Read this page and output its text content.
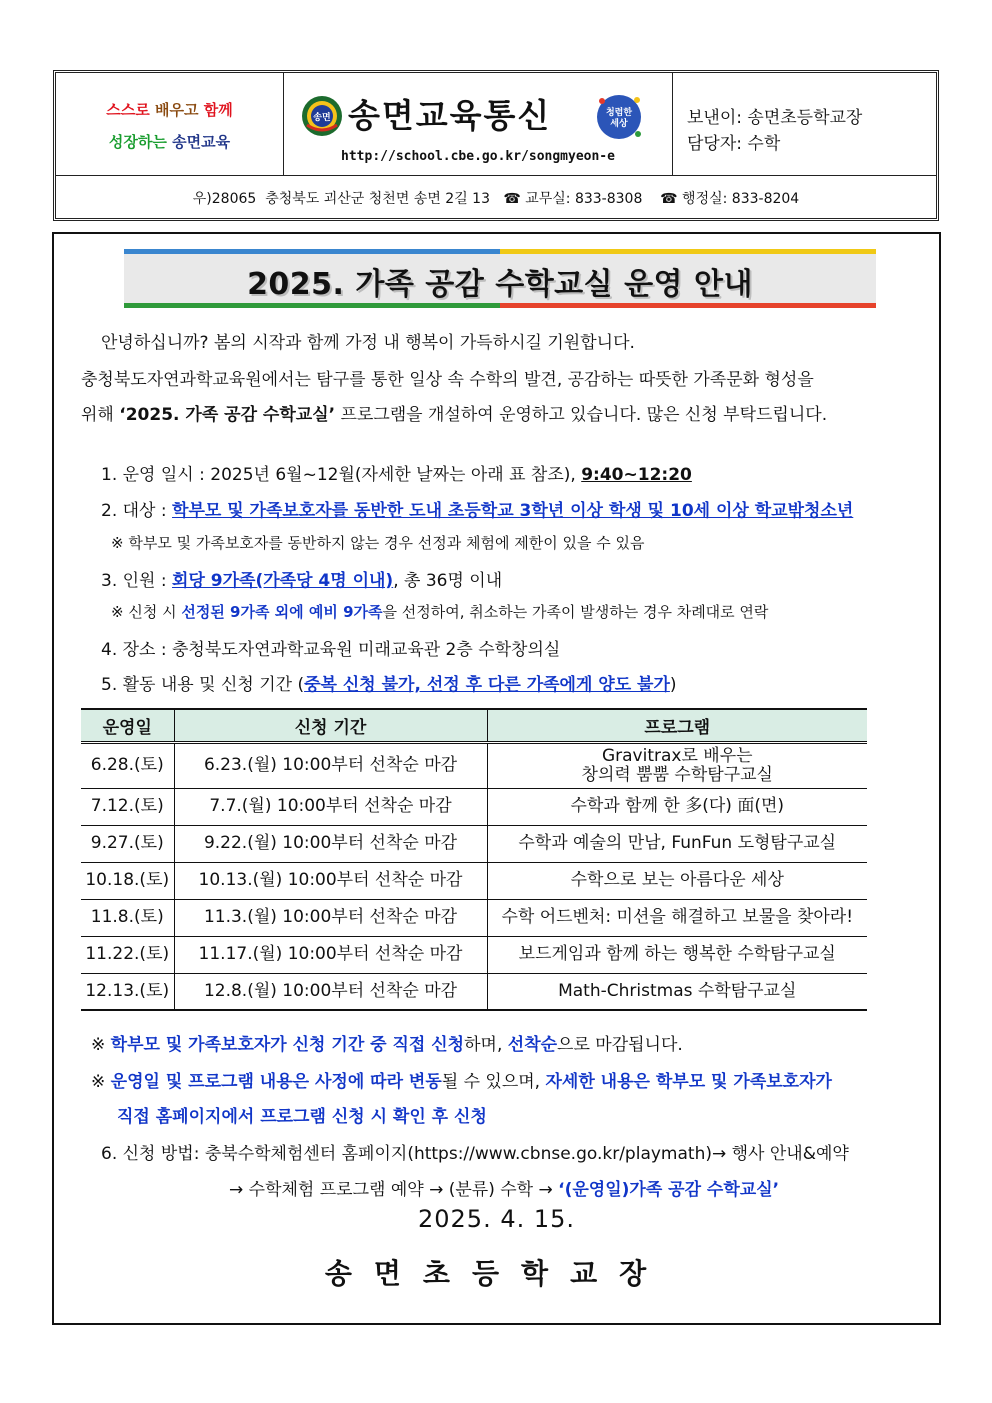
스스로 배우고 함께
성장하는 송면교육
송면 송면교육통신	청렴한
세상
http://school.cbe.go.kr/songmyeon-e
보낸이: 송면초등학교장
담당자: 수학
우)28065  충청북도 괴산군 청천면 송면 2길 13   ☎ 교무실: 833-8308    ☎ 행정실: 833-8204
2025. 가족 공감 수학교실 운영 안내
안녕하십니까? 봄의 시작과 함께 가정 내 행복이 가득하시길 기원합니다.
충청북도자연과학교육원에서는 탐구를 통한 일상 속 수학의 발견, 공감하는 따뜻한 가족문화 형성을
위해 ‘2025. 가족 공감 수학교실’ 프로그램을 개설하여 운영하고 있습니다. 많은 신청 부탁드립니다.
1. 운영 일시 : 2025년 6월~12월(자세한 날짜는 아래 표 참조), 9:40~12:20
2. 대상 : 학부모 및 가족보호자를 동반한 도내 초등학교 3학년 이상 학생 및 10세 이상 학교밖청소년
※ 학부모 및 가족보호자를 동반하지 않는 경우 선정과 체험에 제한이 있을 수 있음
3. 인원 : 회당 9가족(가족당 4명 이내), 총 36명 이내
※ 신청 시 선정된 9가족 외에 예비 9가족을 선정하여, 취소하는 가족이 발생하는 경우 차례대로 연락
4. 장소 : 충청북도자연과학교육원 미래교육관 2층 수학창의실
5. 활동 내용 및 신청 기간 (중복 신청 불가, 선정 후 다른 가족에게 양도 불가)
운영일	신청 기간	프로그램
6.28.(토)	6.23.(월) 10:00부터 선착순 마감	Gravitrax로 배우는
창의력 뿜뿜 수학탐구교실
7.12.(토)	7.7.(월) 10:00부터 선착순 마감	수학과 함께 한 多(다) 面(면)
9.27.(토)	9.22.(월) 10:00부터 선착순 마감	수학과 예술의 만남, FunFun 도형탐구교실
10.18.(토)	10.13.(월) 10:00부터 선착순 마감	수학으로 보는 아름다운 세상
11.8.(토)	11.3.(월) 10:00부터 선착순 마감	수학 어드벤처: 미션을 해결하고 보물을 찾아라!
11.22.(토)	11.17.(월) 10:00부터 선착순 마감	보드게임과 함께 하는 행복한 수학탐구교실
12.13.(토)	12.8.(월) 10:00부터 선착순 마감	Math-Christmas 수학탐구교실
※ 학부모 및 가족보호자가 신청 기간 중 직접 신청하며, 선착순으로 마감됩니다.
※ 운영일 및 프로그램 내용은 사정에 따라 변동될 수 있으며, 자세한 내용은 학부모 및 가족보호자가
직접 홈페이지에서 프로그램 신청 시 확인 후 신청
6. 신청 방법: 충북수학체험센터 홈페이지(https://www.cbnse.go.kr/playmath)→ 행사 안내&예약
→ 수학체험 프로그램 예약 → (분류) 수학 → ‘(운영일)가족 공감 수학교실’
2025. 4. 15.
송면초등학교장
